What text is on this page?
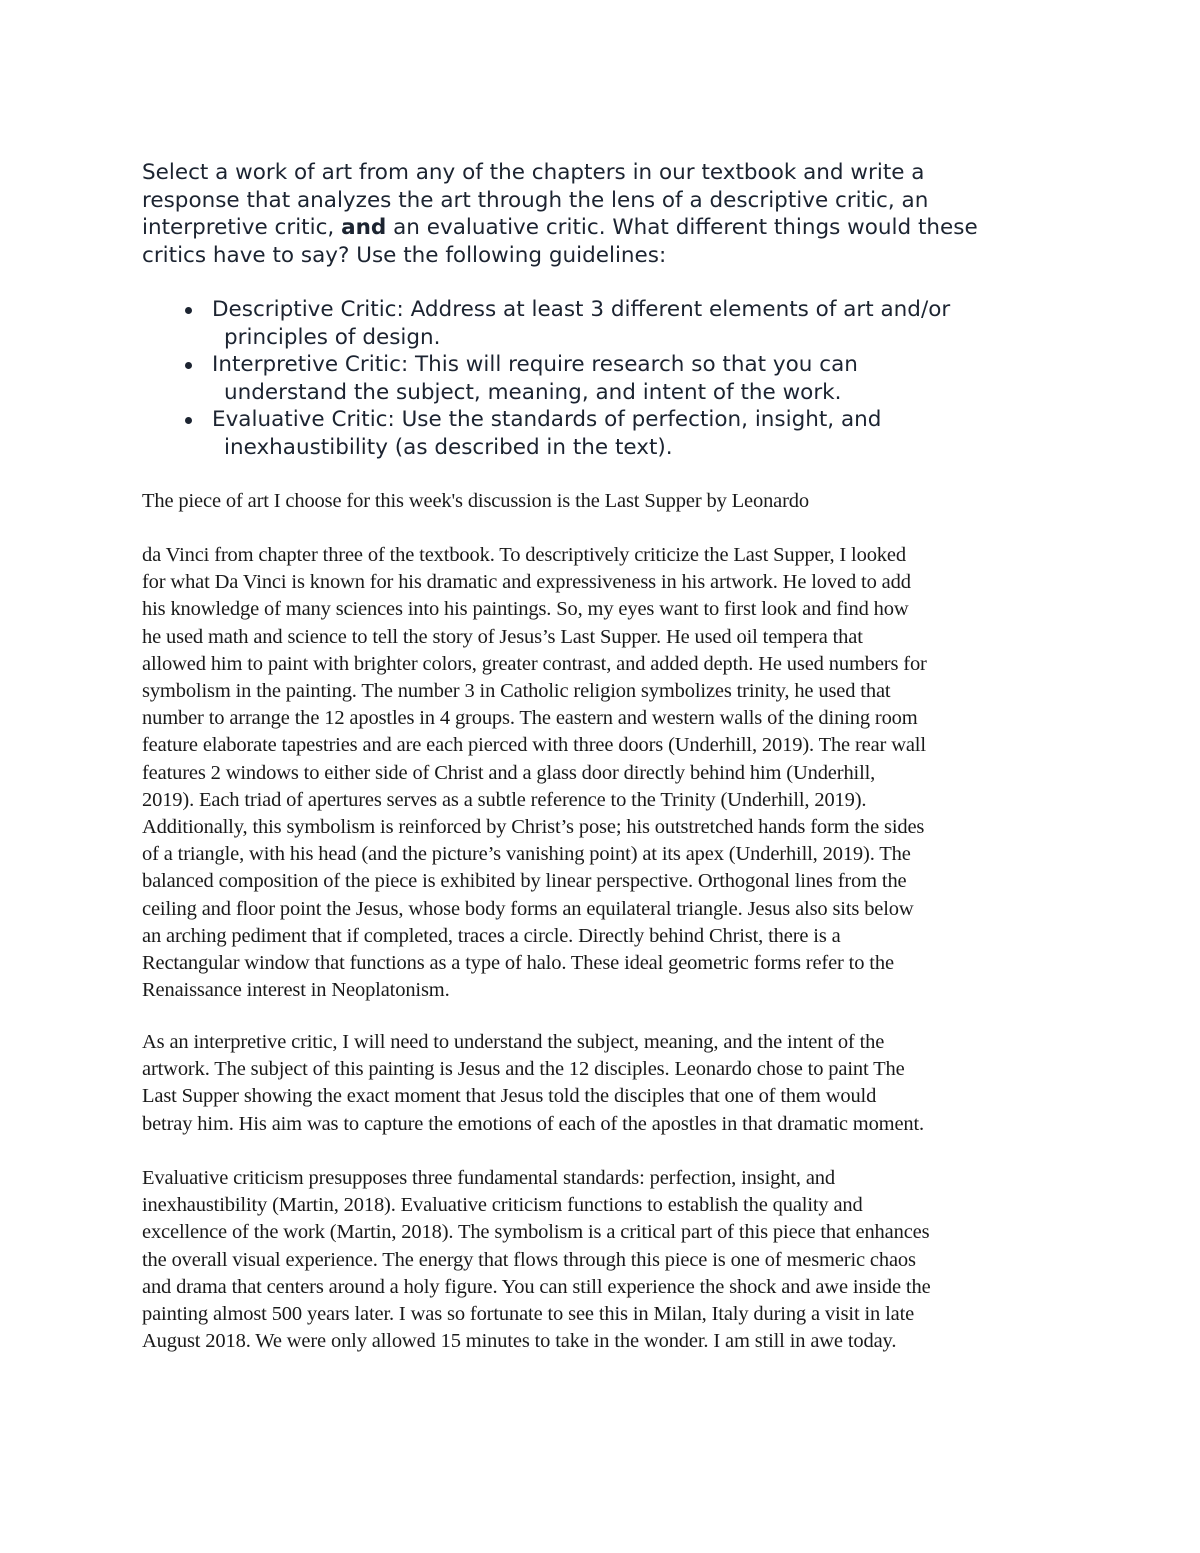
Select a work of art from any of the chapters in our textbook and write a
response that analyzes the art through the lens of a descriptive critic, an
interpretive critic, and an evaluative critic. What different things would these
critics have to say? Use the following guidelines:

Descriptive Critic: Address at least 3 different elements of art and/or
principles of design.
Interpretive Critic: This will require research so that you can
understand the subject, meaning, and intent of the work.
Evaluative Critic: Use the standards of perfection, insight, and
inexhaustibility (as described in the text).

The piece of art I choose for this week's discussion is the Last Supper by Leonardo

da Vinci from chapter three of the textbook. To descriptively criticize the Last Supper, I looked
for what Da Vinci is known for his dramatic and expressiveness in his artwork. He loved to add
his knowledge of many sciences into his paintings. So, my eyes want to first look and find how
he used math and science to tell the story of Jesus’s Last Supper. He used oil tempera that
allowed him to paint with brighter colors, greater contrast, and added depth. He used numbers for
symbolism in the painting. The number 3 in Catholic religion symbolizes trinity, he used that
number to arrange the 12 apostles in 4 groups. The eastern and western walls of the dining room
feature elaborate tapestries and are each pierced with three doors (Underhill, 2019). The rear wall
features 2 windows to either side of Christ and a glass door directly behind him (Underhill,
2019). Each triad of apertures serves as a subtle reference to the Trinity (Underhill, 2019).
Additionally, this symbolism is reinforced by Christ’s pose; his outstretched hands form the sides
of a triangle, with his head (and the picture’s vanishing point) at its apex (Underhill, 2019). The
balanced composition of the piece is exhibited by linear perspective. Orthogonal lines from the
ceiling and floor point the Jesus, whose body forms an equilateral triangle. Jesus also sits below
an arching pediment that if completed, traces a circle. Directly behind Christ, there is a
Rectangular window that functions as a type of halo. These ideal geometric forms refer to the
Renaissance interest in Neoplatonism.

As an interpretive critic, I will need to understand the subject, meaning, and the intent of the
artwork. The subject of this painting is Jesus and the 12 disciples. Leonardo chose to paint The
Last Supper showing the exact moment that Jesus told the disciples that one of them would
betray him. His aim was to capture the emotions of each of the apostles in that dramatic moment.

Evaluative criticism presupposes three fundamental standards: perfection, insight, and
inexhaustibility (Martin, 2018). Evaluative criticism functions to establish the quality and
excellence of the work (Martin, 2018). The symbolism is a critical part of this piece that enhances
the overall visual experience. The energy that flows through this piece is one of mesmeric chaos
and drama that centers around a holy figure. You can still experience the shock and awe inside the
painting almost 500 years later. I was so fortunate to see this in Milan, Italy during a visit in late
August 2018. We were only allowed 15 minutes to take in the wonder. I am still in awe today.
